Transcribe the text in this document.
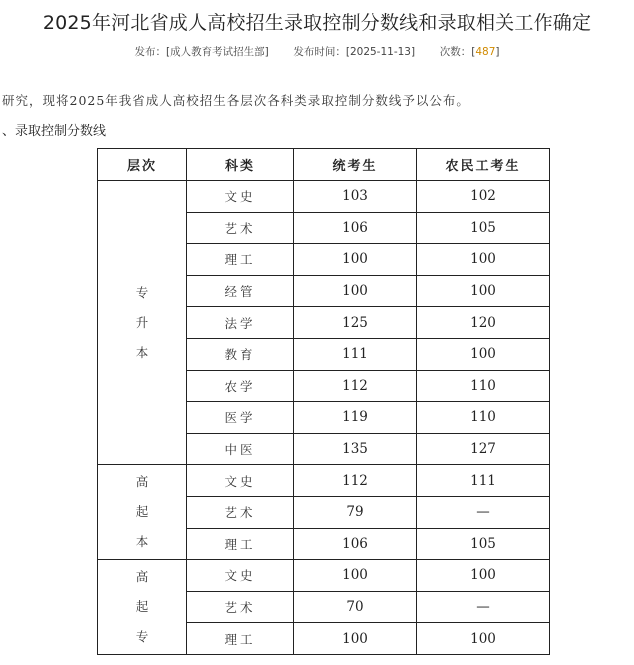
2025年河北省成人高校招生录取控制分数线和录取相关工作确定
发布：[成人教育考试招生部] 发布时间：[2025-11-13] 次数：[487]
研究，现将2025年我省成人高校招生各层次各科类录取控制分数线予以公布。
、录取控制分数线
层次	科类	统考生	农民工考生

专
升
本	文史	103	102
	艺术	106	105
	理工	100	100
	经管	100	100
	法学	125	120
	教育	111	100
	农学	112	110
	医学	119	110
	中医	135	127

高
起
本	文史	112	111
	艺术	79	—
	理工	106	105

高
起
专	文史	100	100
	艺术	70	—
	理工	100	100
